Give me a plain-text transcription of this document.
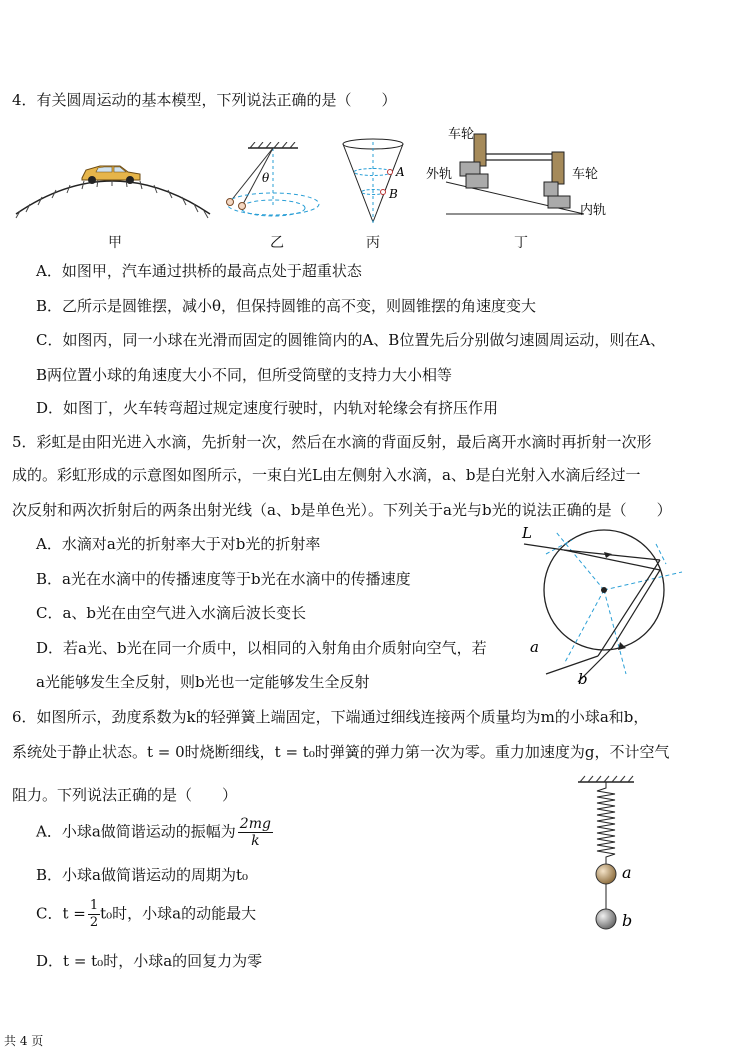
4．有关圆周运动的基本模型，下列说法正确的是（　　）
甲
θ
乙
A
B
丙
车轮
外轨	车轮
内轨
丁
A．如图甲，汽车通过拱桥的最高点处于超重状态
B．乙所示是圆锥摆，减小θ，但保持圆锥的高不变，则圆锥摆的角速度变大
C．如图丙，同一小球在光滑而固定的圆锥筒内的A、B位置先后分别做匀速圆周运动，则在A、
B两位置小球的角速度大小不同，但所受筒壁的支持力大小相等
D．如图丁，火车转弯超过规定速度行驶时，内轨对轮缘会有挤压作用
5．彩虹是由阳光进入水滴，先折射一次，然后在水滴的背面反射，最后离开水滴时再折射一次形
成的。彩虹形成的示意图如图所示，一束白光L由左侧射入水滴，a、b是白光射入水滴后经过一
次反射和两次折射后的两条出射光线（a、b是单色光）。下列关于a光与b光的说法正确的是（　　）
A．水滴对a光的折射率大于对b光的折射率
B．a光在水滴中的传播速度等于b光在水滴中的传播速度
C．a、b光在由空气进入水滴后波长变长
D．若a光、b光在同一介质中，以相同的入射角由介质射向空气，若
a光能够发生全反射，则b光也一定能够发生全反射
L
a
b
6．如图所示，劲度系数为k的轻弹簧上端固定，下端通过细线连接两个质量均为m的小球a和b，
系统处于静止状态。t = 0时烧断细线，t = t₀时弹簧的弹力第一次为零。重力加速度为g，不计空气
阻力。下列说法正确的是（　　）
A．小球a做简谐运动的振幅为 $\frac{2mg}{k}$
B．小球a做简谐运动的周期为t₀
C．$t = \frac{1}{2} t_0$时，小球a的动能最大
D．t = t₀时，小球a的回复力为零
a
b
共 4 页
